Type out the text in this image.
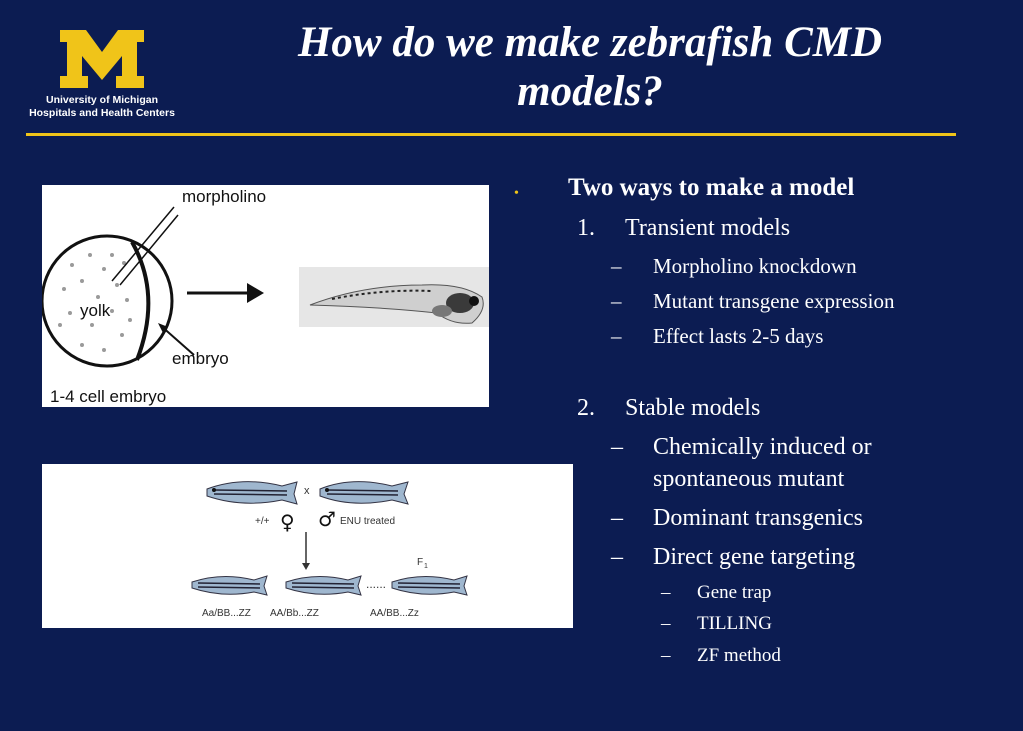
University of Michigan
Hospitals and Health Centers
How do we make zebrafish CMD models?
morpholino
yolk
embryo
1-4 cell embryo
x
+/+ ♀ ♂ ENU treated
F 1
......
Aa/BB...ZZ AA/Bb...ZZ	AA/BB...Zz
• Two ways to make a model
1. Transient models
– Morpholino knockdown
– Mutant transgene expression
– Effect lasts 2-5 days
2. Stable models
– Chemically induced or
spontaneous mutant
– Dominant transgenics
– Direct gene targeting
– Gene trap
– TILLING
– ZF method
